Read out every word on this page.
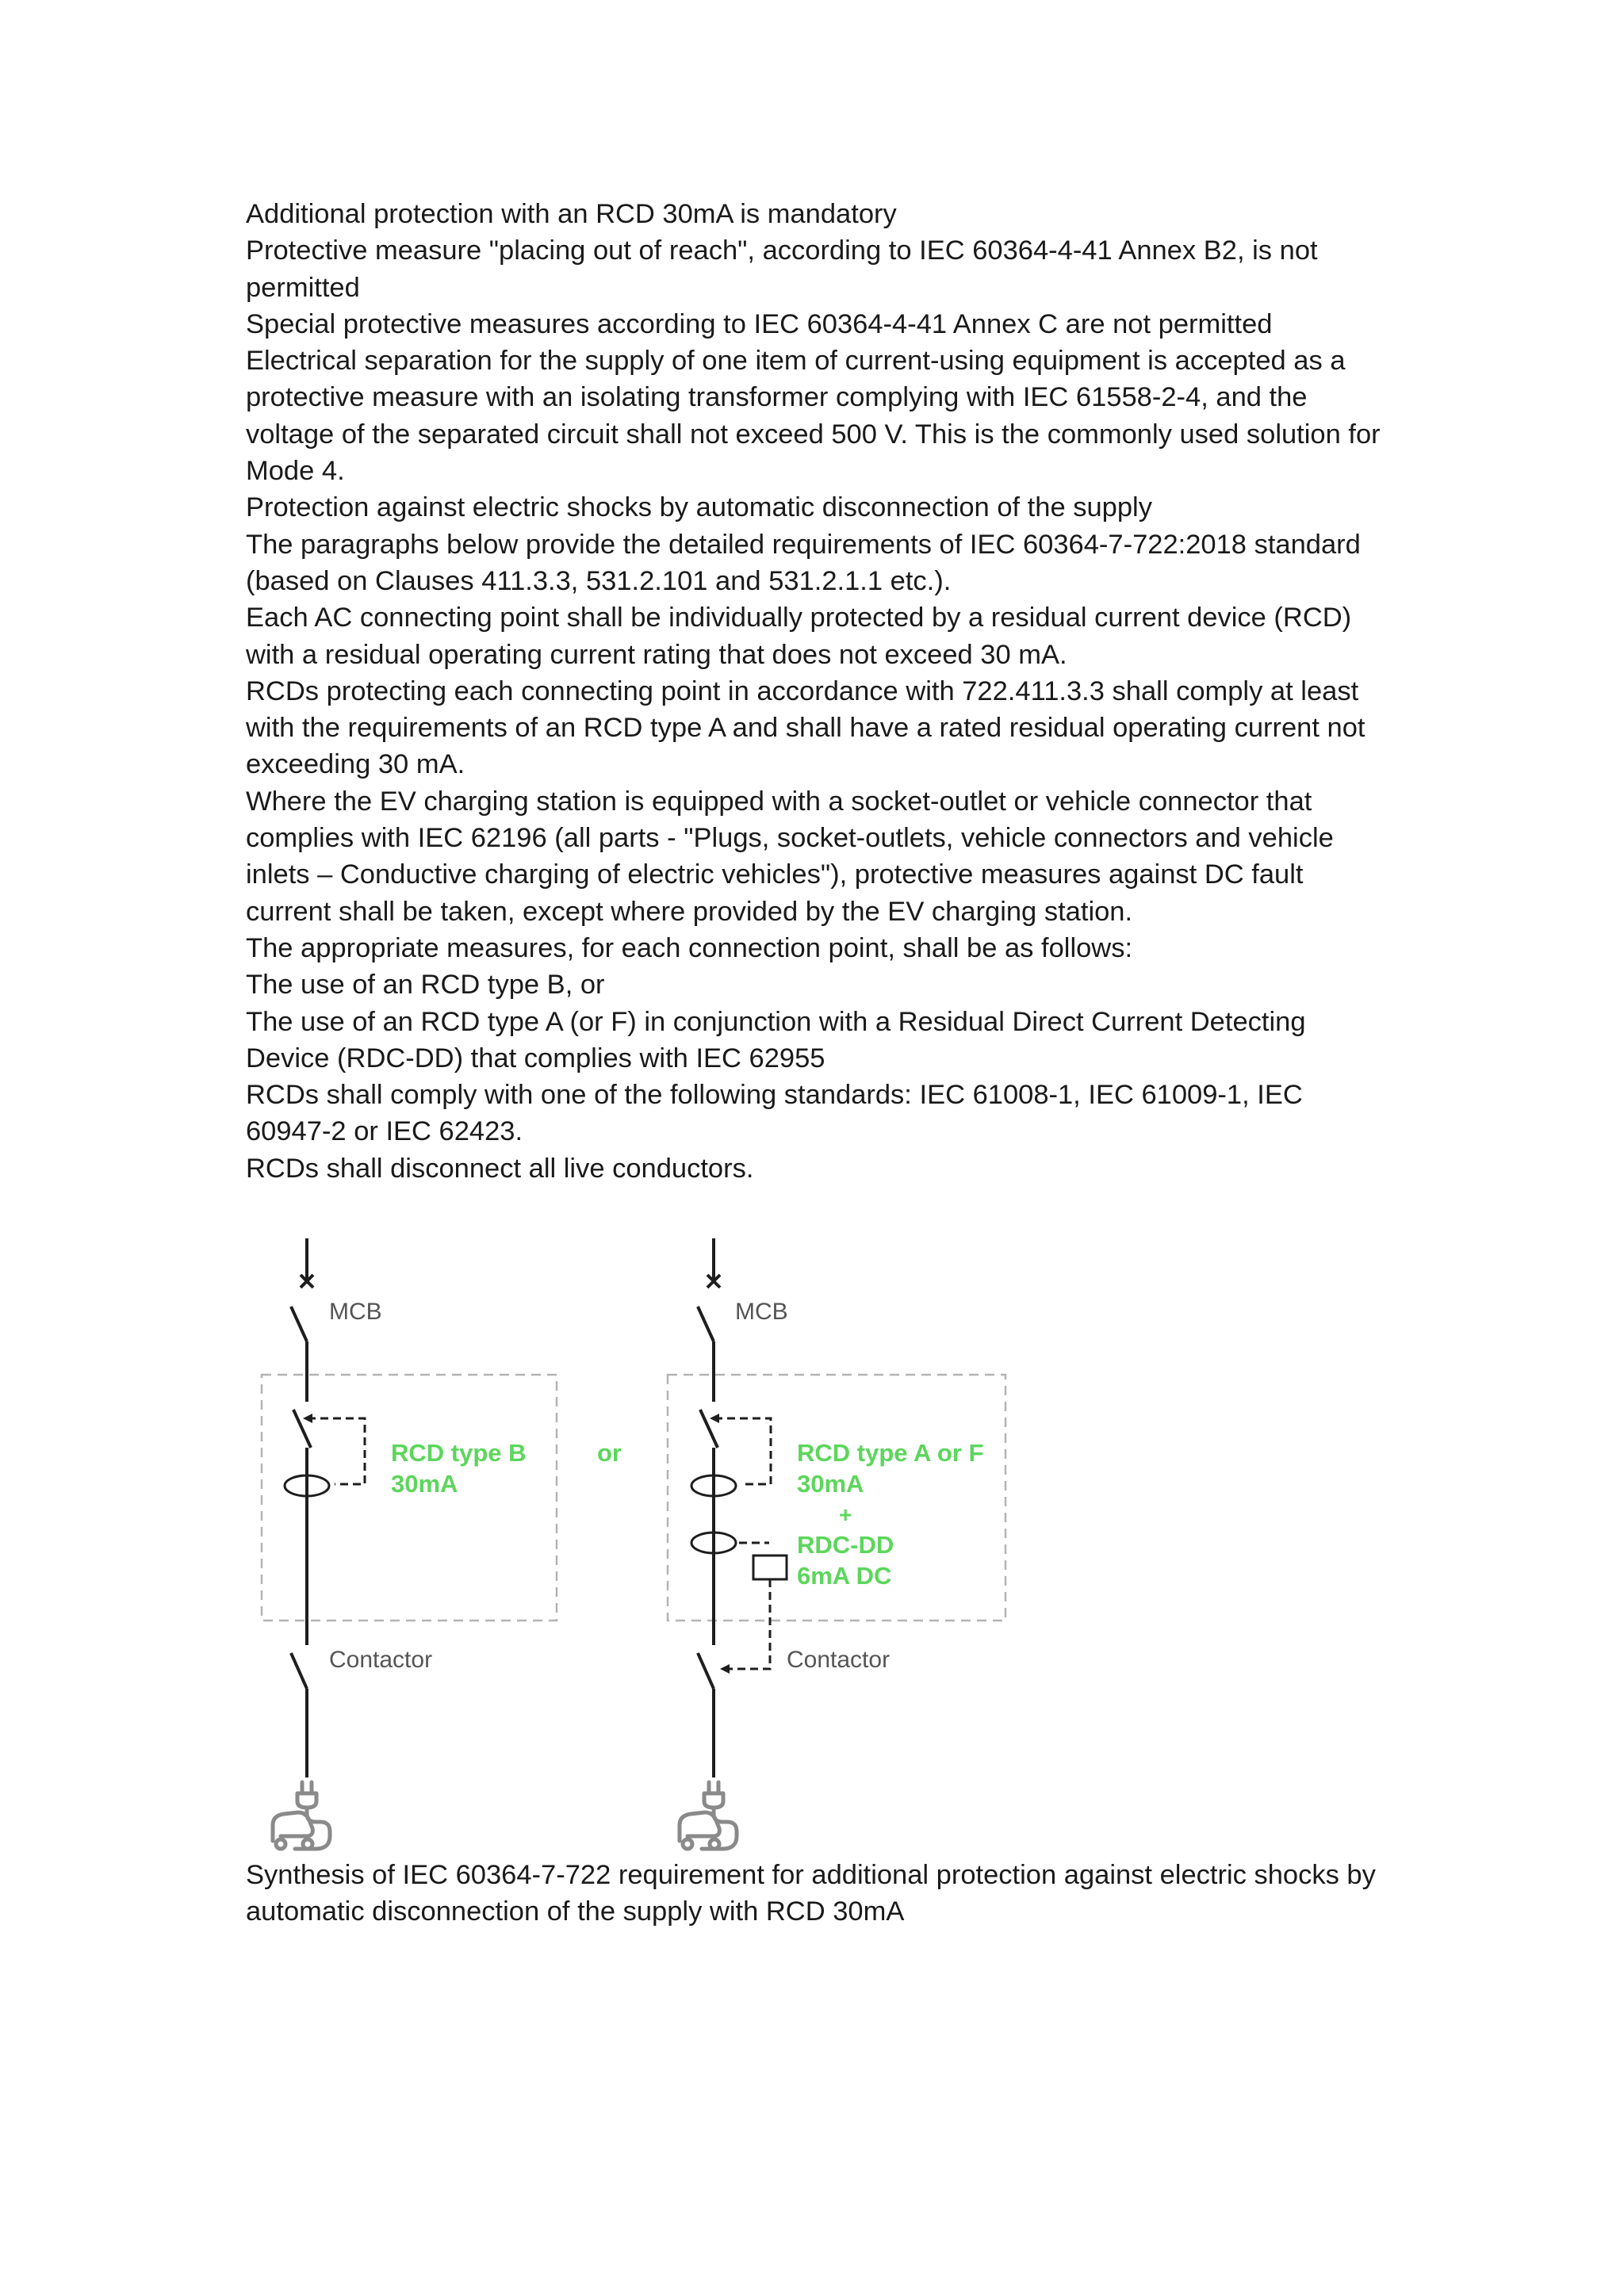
Additional protection with an RCD 30mA is mandatory

Protective measure "placing out of reach", according to IEC 60364-4-41 Annex B2, is not permitted

Special protective measures according to IEC 60364-4-41 Annex C are not permitted

Electrical separation for the supply of one item of current-using equipment is accepted as a protective measure with an isolating transformer complying with IEC 61558-2-4, and the voltage of the separated circuit shall not exceed 500 V. This is the commonly used solution for Mode 4.

Protection against electric shocks by automatic disconnection of the supply

The paragraphs below provide the detailed requirements of IEC 60364-7-722:2018 standard (based on Clauses 411.3.3, 531.2.101 and 531.2.1.1 etc.).

Each AC connecting point shall be individually protected by a residual current device (RCD) with a residual operating current rating that does not exceed 30 mA.

RCDs protecting each connecting point in accordance with 722.411.3.3 shall comply at least with the requirements of an RCD type A and shall have a rated residual operating current not exceeding 30 mA.

Where the EV charging station is equipped with a socket-outlet or vehicle connector that complies with IEC 62196 (all parts - "Plugs, socket-outlets, vehicle connectors and vehicle inlets – Conductive charging of electric vehicles"), protective measures against DC fault current shall be taken, except where provided by the EV charging station.

The appropriate measures, for each connection point, shall be as follows:

The use of an RCD type B, or

The use of an RCD type A (or F) in conjunction with a Residual Direct Current Detecting Device (RDC-DD) that complies with IEC 62955

RCDs shall comply with one of the following standards: IEC 61008-1, IEC 61009-1, IEC 60947-2 or IEC 62423.

RCDs shall disconnect all live conductors.

MCB
RCD type B
30mA
Contactor
or
MCB
RCD type A or F
30mA
+
RDC-DD
6mA DC
Contactor
Synthesis of IEC 60364-7-722 requirement for additional protection against electric shocks by automatic disconnection of the supply with RCD 30mA
